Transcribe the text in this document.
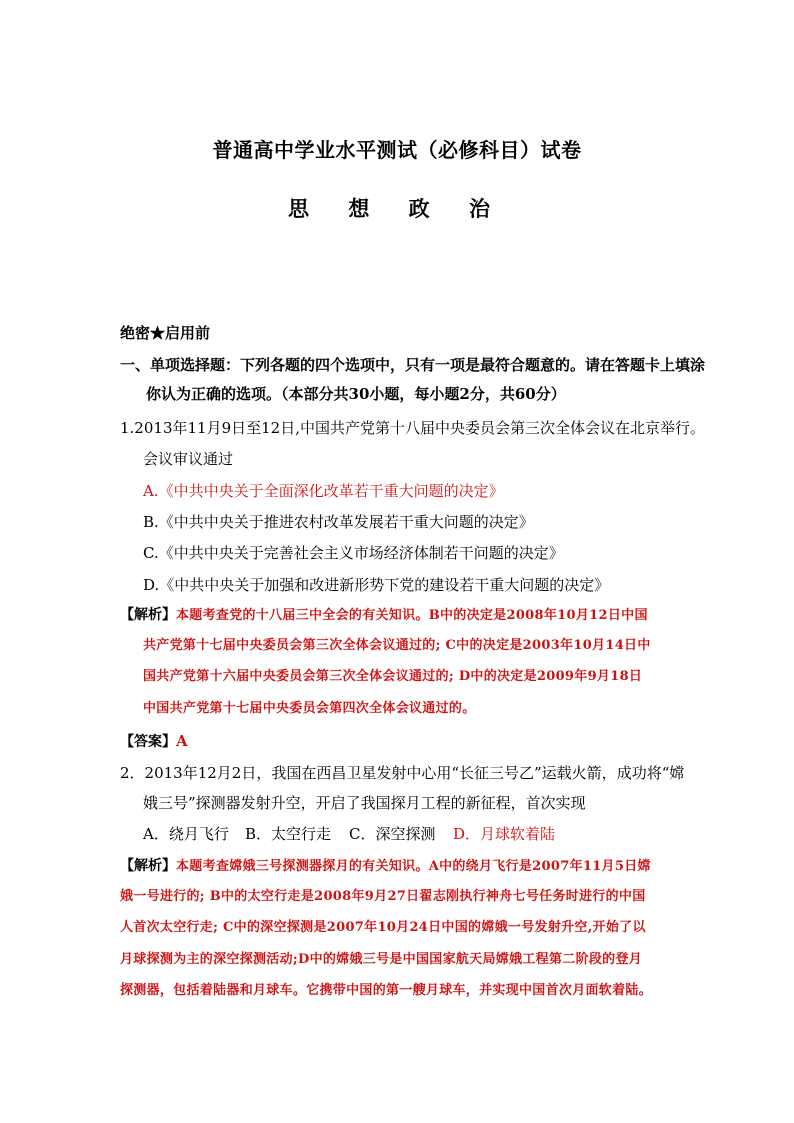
普通高中学业水平测试（必修科目）试卷
思 想 政 治
绝密★启用前
一、单项选择题：下列各题的四个选项中，只有一项是最符合题意的。请在答题卡上填涂
你认为正确的选项。（本部分共30小题，每小题2分，共60分）
1.2013年11月9日至12日,中国共产党第十八届中央委员会第三次全体会议在北京举行。
会议审议通过
A.《中共中央关于全面深化改革若干重大问题的决定》
B.《中共中央关于推进农村改革发展若干重大问题的决定》
C.《中共中央关于完善社会主义市场经济体制若干问题的决定》
D.《中共中央关于加强和改进新形势下党的建设若干重大问题的决定》
【解析】本题考查党的十八届三中全会的有关知识。B中的决定是2008年10月12日中国
共产党第十七届中央委员会第三次全体会议通过的; C中的决定是2003年10月14日中
国共产党第十六届中央委员会第三次全体会议通过的; D中的决定是2009年9月18日
中国共产党第十七届中央委员会第四次全体会议通过的。
【答案】A
2．2013年12月2日，我国在西昌卫星发射中心用“长征三号乙”运载火箭，成功将“嫦
娥三号”探测器发射升空，开启了我国探月工程的新征程，首次实现
A．绕月飞行 B．太空行走 C．深空探测 D．月球软着陆
【解析】本题考查嫦娥三号探测器探月的有关知识。A中的绕月飞行是2007年11月5日嫦
娥一号进行的; B中的太空行走是2008年9月27日翟志刚执行神舟七号任务时进行的中国
人首次太空行走; C中的深空探测是2007年10月24日中国的嫦娥一号发射升空,开始了以
月球探测为主的深空探测活动;D中的嫦娥三号是中国国家航天局嫦娥工程第二阶段的登月
探测器，包括着陆器和月球车。它携带中国的第一艘月球车，并实现中国首次月面软着陆。
